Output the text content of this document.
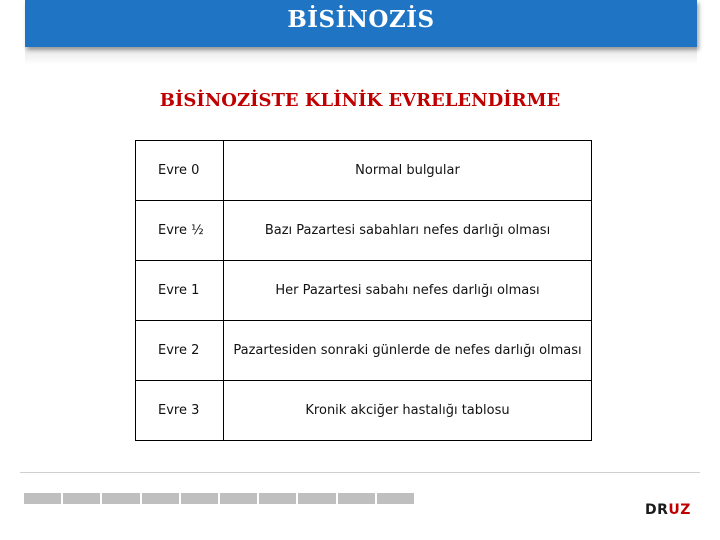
BİSİNOZİS
BİSİNOZİSTE KLİNİK EVRELENDİRME
Evre 0	Normal bulgular
Evre ½	Bazı Pazartesi sabahları nefes darlığı olması
Evre 1	Her Pazartesi sabahı nefes darlığı olması
Evre 2	Pazartesiden sonraki günlerde de nefes darlığı olması
Evre 3	Kronik akciğer hastalığı tablosu
DRUZ
